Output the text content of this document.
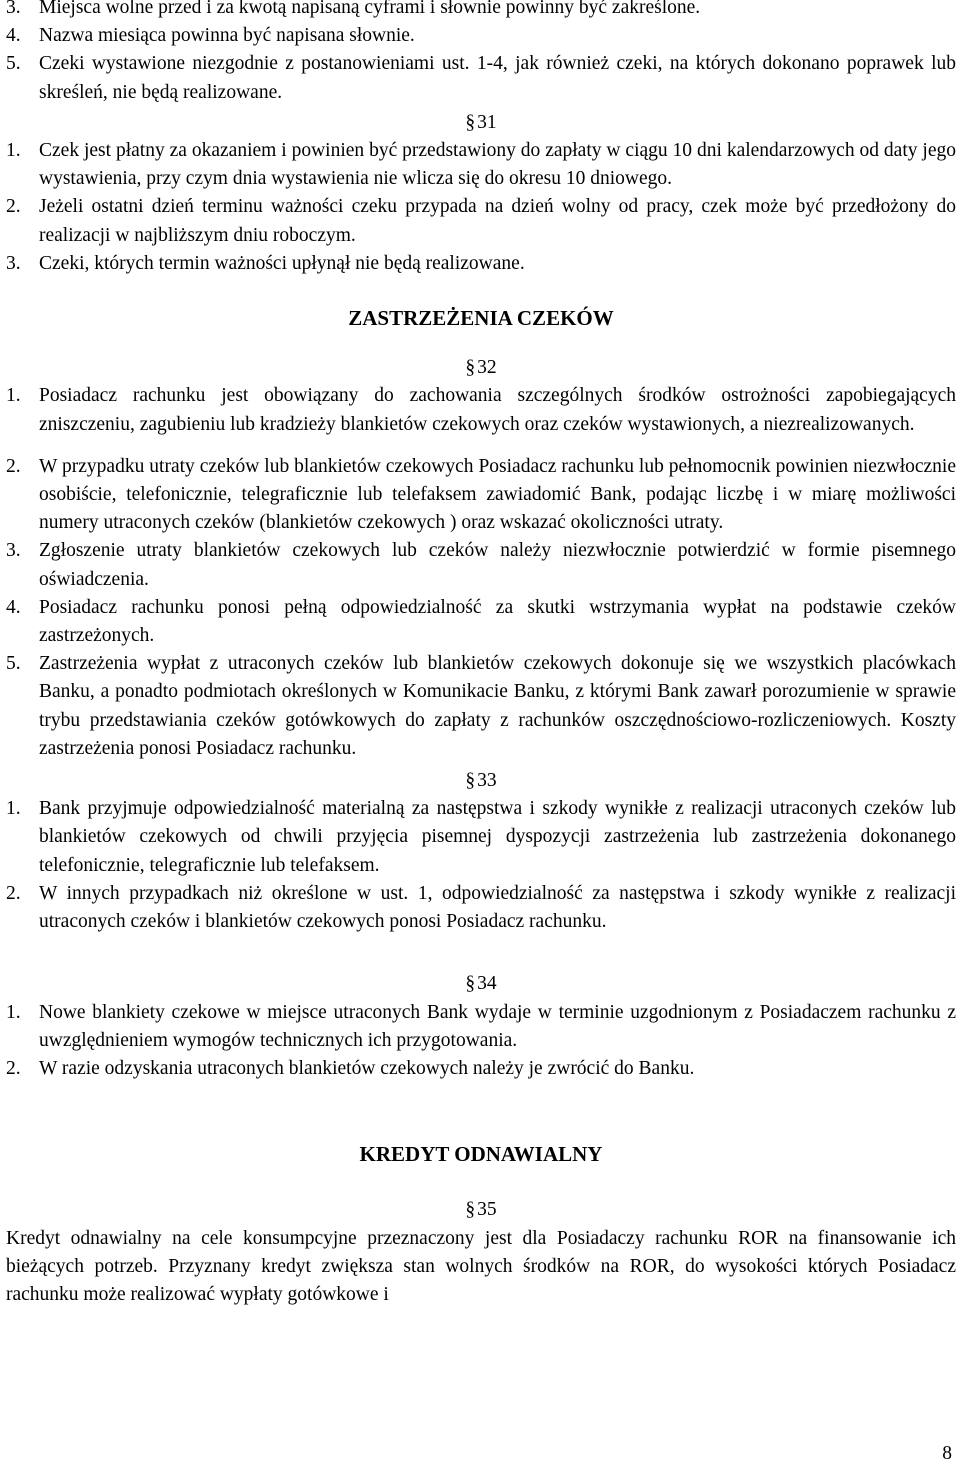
3. Miejsca wolne przed i za kwotą napisaną cyframi i słownie powinny być zakreślone.
4. Nazwa miesiąca powinna być napisana słownie.
5. Czeki wystawione niezgodnie z postanowieniami ust. 1-4, jak również czeki, na których dokonano poprawek lub skreśleń, nie będą realizowane.
§31
1. Czek jest płatny za okazaniem i powinien być przedstawiony do zapłaty w ciągu 10 dni kalendarzowych od daty jego wystawienia, przy czym dnia wystawienia nie wlicza się do okresu 10 dniowego.
2. Jeżeli ostatni dzień terminu ważności czeku przypada na dzień wolny od pracy, czek może być przedłożony do realizacji w najbliższym dniu roboczym.
3. Czeki, których termin ważności upłynął nie będą realizowane.
ZASTRZEŻENIA CZEKÓW
§32
1. Posiadacz rachunku jest obowiązany do zachowania szczególnych środków ostrożności zapobiegających zniszczeniu, zagubieniu lub kradzieży blankietów czekowych oraz czeków wystawionych, a niezrealizowanych.
2. W przypadku utraty czeków lub blankietów czekowych Posiadacz rachunku lub pełnomocnik powinien niezwłocznie osobiście, telefonicznie, telegraficznie lub telefaksem zawiadomić Bank, podając liczbę i w miarę możliwości numery utraconych czeków (blankietów czekowych ) oraz wskazać okoliczności utraty.
3. Zgłoszenie utraty blankietów czekowych lub czeków należy niezwłocznie potwierdzić w formie pisemnego oświadczenia.
4. Posiadacz rachunku ponosi pełną odpowiedzialność za skutki wstrzymania wypłat na podstawie czeków zastrzeżonych.
5. Zastrzeżenia wypłat z utraconych czeków lub blankietów czekowych dokonuje się we wszystkich placówkach Banku, a ponadto podmiotach określonych w Komunikacie Banku, z którymi Bank zawarł porozumienie w sprawie trybu przedstawiania czeków gotówkowych do zapłaty z rachunków oszczędnościowo-rozliczeniowych. Koszty zastrzeżenia ponosi Posiadacz rachunku.
§33
1. Bank przyjmuje odpowiedzialność materialną za następstwa i szkody wynikłe z realizacji utraconych czeków lub blankietów czekowych od chwili przyjęcia pisemnej dyspozycji zastrzeżenia lub zastrzeżenia dokonanego telefonicznie, telegraficznie lub telefaksem.
2. W innych przypadkach niż określone w ust. 1, odpowiedzialność za następstwa i szkody wynikłe z realizacji utraconych czeków i blankietów czekowych ponosi Posiadacz rachunku.
§34
1. Nowe blankiety czekowe w miejsce utraconych Bank wydaje w terminie uzgodnionym z Posiadaczem rachunku z uwzględnieniem wymogów technicznych ich przygotowania.
2. W razie odzyskania utraconych blankietów czekowych należy je zwrócić do Banku.
KREDYT ODNAWIALNY
§35

Kredyt odnawialny na cele konsumpcyjne przeznaczony jest dla Posiadaczy rachunku ROR na finansowanie ich bieżących potrzeb. Przyznany kredyt zwiększa stan wolnych środków na ROR, do wysokości których Posiadacz rachunku może realizować wypłaty gotówkowe i

8
